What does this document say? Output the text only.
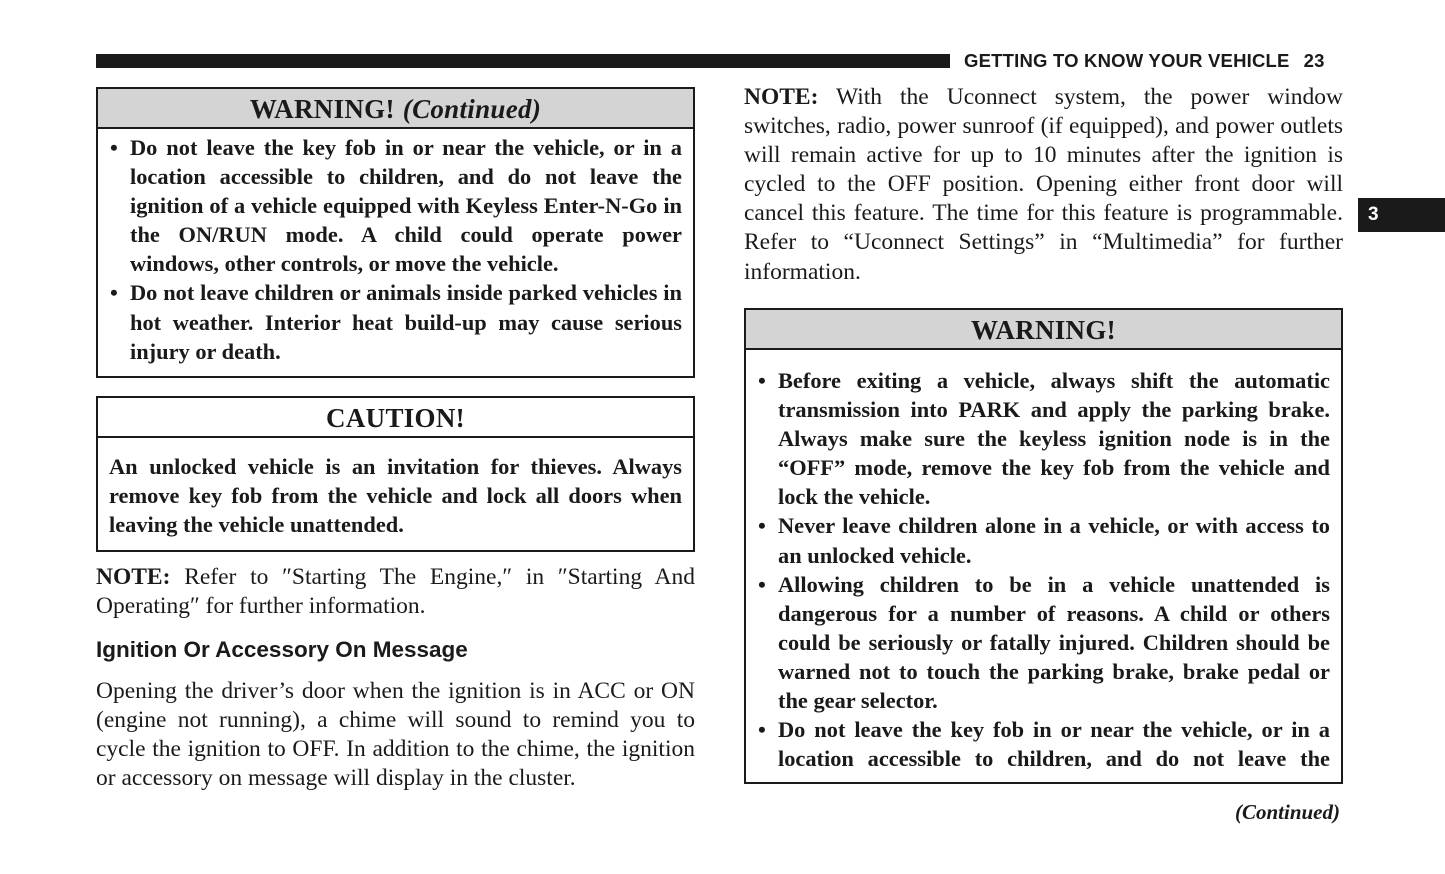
GETTING TO KNOW YOUR VEHICLE 23
3
WARNING! (Continued)
• Do not leave the key fob in or near the vehicle, or in a location accessible to children, and do not leave the ignition of a vehicle equipped with Keyless Enter-N-Go in the ON/RUN mode. A child could operate power windows, other controls, or move the vehicle.

• Do not leave children or animals inside parked vehicles in hot weather. Interior heat build-up may cause serious injury or death.

CAUTION!

An unlocked vehicle is an invitation for thieves. Always remove key fob from the vehicle and lock all doors when leaving the vehicle unattended.

NOTE: Refer to ″Starting The Engine,″ in ″Starting And Operating″ for further information.
Ignition Or Accessory On Message
Opening the driver’s door when the ignition is in ACC or ON (engine not running), a chime will sound to remind you to cycle the ignition to OFF. In addition to the chime, the ignition or accessory on message will display in the cluster.
NOTE: With the Uconnect system, the power window switches, radio, power sunroof (if equipped), and power outlets will remain active for up to 10 minutes after the ignition is cycled to the OFF position. Opening either front door will cancel this feature. The time for this feature is programmable. Refer to “Uconnect Settings” in “Multimedia” for further information.
WARNING!
• Before exiting a vehicle, always shift the automatic transmission into PARK and apply the parking brake. Always make sure the keyless ignition node is in the “OFF” mode, remove the key fob from the vehicle and lock the vehicle.

• Never leave children alone in a vehicle, or with access to an unlocked vehicle.

• Allowing children to be in a vehicle unattended is dangerous for a number of reasons. A child or others could be seriously or fatally injured. Children should be warned not to touch the parking brake, brake pedal or the gear selector.

• Do not leave the key fob in or near the vehicle, or in a location accessible to children, and do not leave the

(Continued)
